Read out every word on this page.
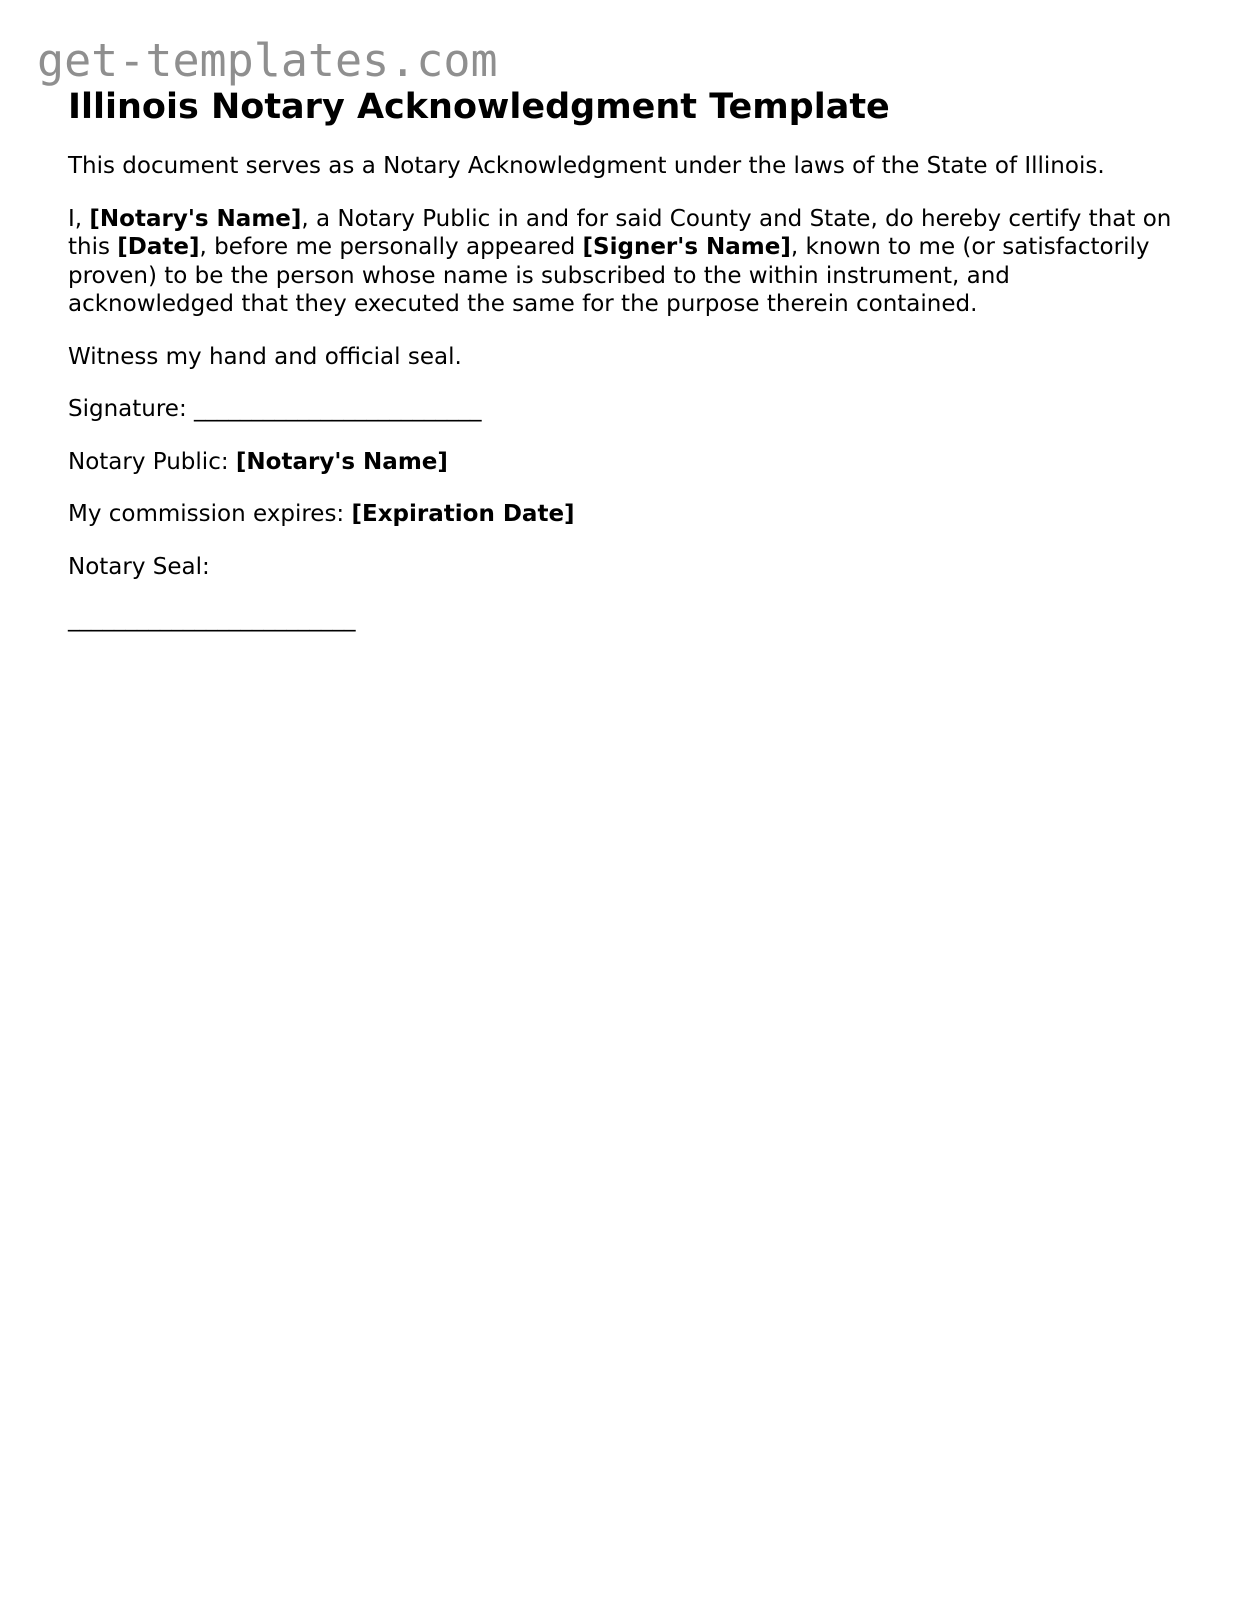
get-templates.com
Illinois Notary Acknowledgment Template

This document serves as a Notary Acknowledgment under the laws of the State of Illinois.

I, [Notary's Name], a Notary Public in and for said County and State, do hereby certify that on this [Date], before me personally appeared [Signer's Name], known to me (or satisfactorily proven) to be the person whose name is subscribed to the within instrument, and acknowledged that they executed the same for the purpose therein contained.

Witness my hand and official seal.

Signature: _________________________

Notary Public: [Notary's Name]

My commission expires: [Expiration Date]

Notary Seal:

_________________________
